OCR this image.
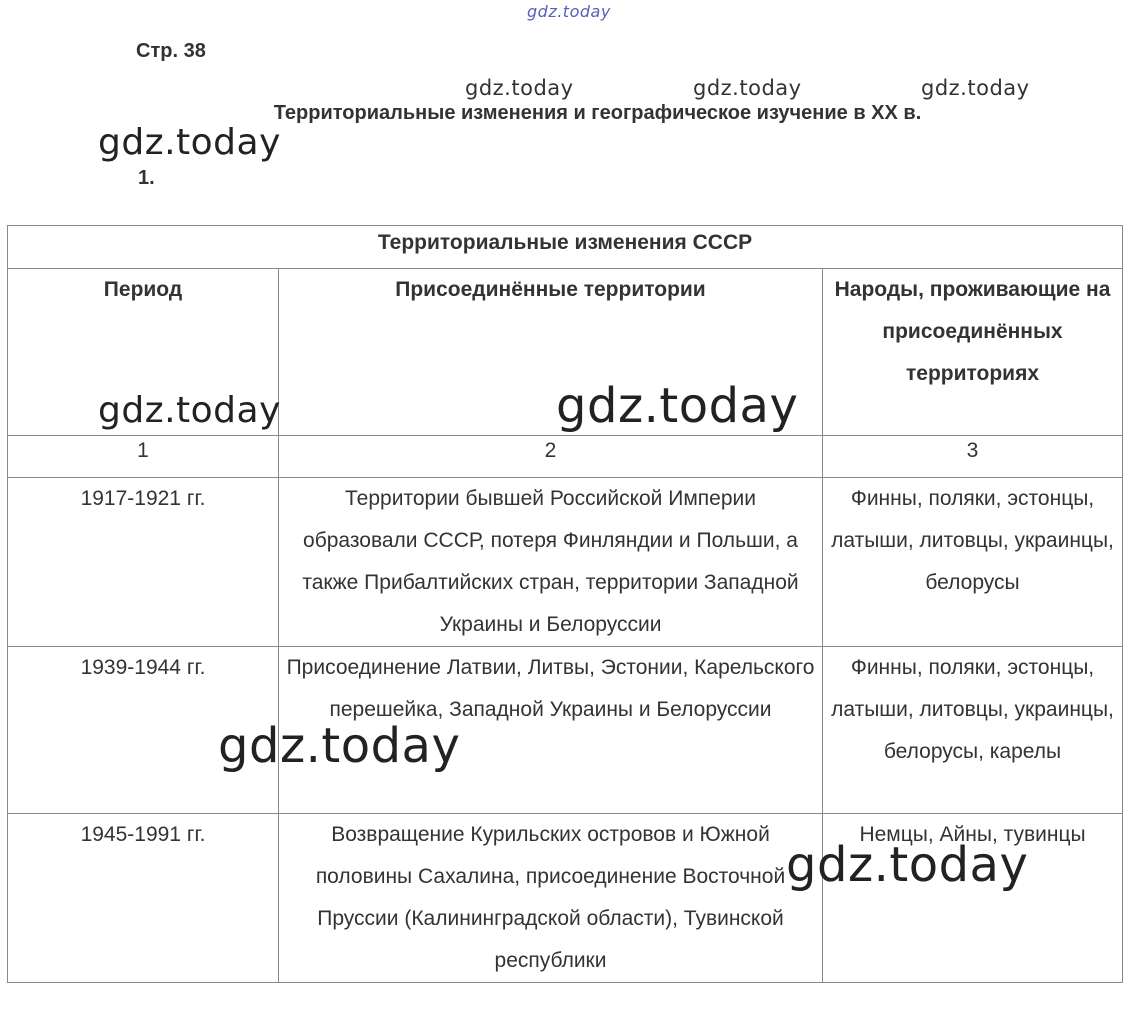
Стр. 38
Территориальные изменения и географическое изучение в XX в.
1.
Территориальные изменения СССР		
Период	Присоединённые территории	Народы, проживающие на присоединённых территориях
1	2	3
1917-1921 гг.	Территории бывшей Российской Империи образовали СССР, потеря Финляндии и Польши, а также Прибалтийских стран, территории Западной Украины и Белоруссии	Финны, поляки, эстонцы, латыши, литовцы, украинцы, белорусы
1939-1944 гг.	Присоединение Латвии, Литвы, Эстонии, Карельского перешейка, Западной Украины и Белоруссии	Финны, поляки, эстонцы, латыши, литовцы, украинцы, белорусы, карелы
1945-1991 гг.	Возвращение Курильских островов и Южной половины Сахалина, присоединение Восточной Пруссии (Калининградской области), Тувинской республики	Немцы, Айны, тувинцы
gdz.today
gdz.today	gdz.today	gdz.today
gdz.today
gdz.today	gdz.today
gdz.today
gdz.today
